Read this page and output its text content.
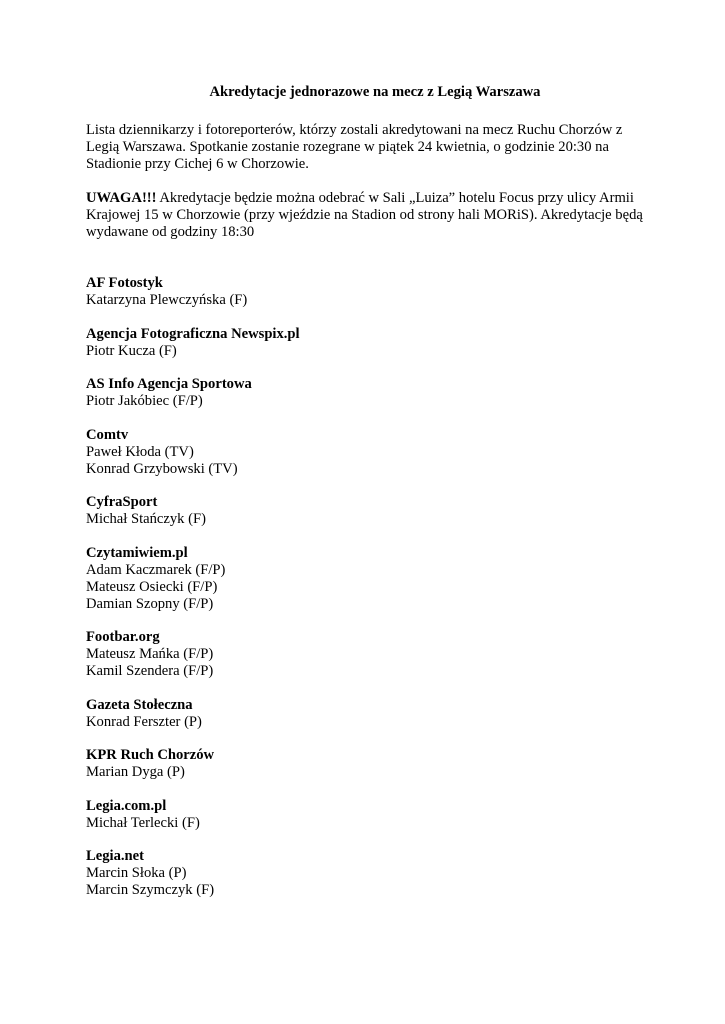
Akredytacje jednorazowe na mecz z Legią Warszawa
Lista dziennikarzy i fotoreporterów, którzy zostali akredytowani na mecz Ruchu Chorzów z Legią Warszawa. Spotkanie zostanie rozegrane w piątek 24 kwietnia, o godzinie 20:30 na Stadionie przy Cichej 6 w Chorzowie.
UWAGA!!! Akredytacje będzie można odebrać w Sali „Luiza” hotelu Focus przy ulicy Armii Krajowej 15 w Chorzowie (przy wjeździe na Stadion od strony hali MORiS). Akredytacje będą wydawane od godziny 18:30
AF Fotostyk
Katarzyna Plewczyńska (F)
Agencja Fotograficzna Newspix.pl
Piotr Kucza (F)
AS Info Agencja Sportowa
Piotr Jakóbiec (F/P)
Comtv
Paweł Kłoda (TV)
Konrad Grzybowski (TV)
CyfraSport
Michał Stańczyk (F)
Czytamiwiem.pl
Adam Kaczmarek (F/P)
Mateusz Osiecki (F/P)
Damian Szopny (F/P)
Footbar.org
Mateusz Mańka (F/P)
Kamil Szendera (F/P)
Gazeta Stołeczna
Konrad Ferszter (P)
KPR Ruch Chorzów
Marian Dyga (P)
Legia.com.pl
Michał Terlecki (F)
Legia.net
Marcin Słoka (P)
Marcin Szymczyk (F)
